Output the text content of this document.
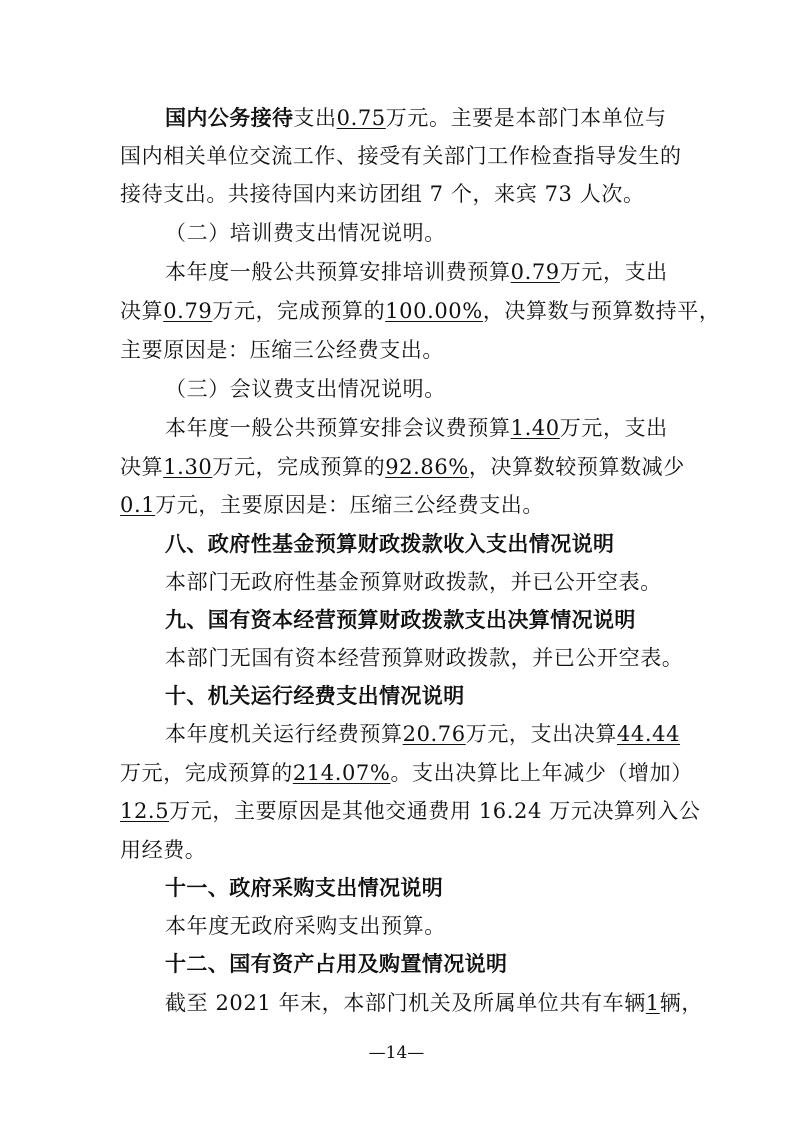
国内公务接待支出0.75万元。主要是本部门本单位与
国内相关单位交流工作、接受有关部门工作检查指导发生的
接待支出。共接待国内来访团组 7 个，来宾 73 人次。
（二）培训费支出情况说明。
本年度一般公共预算安排培训费预算0.79万元，支出
决算0.79万元，完成预算的100.00%，决算数与预算数持平，
主要原因是：压缩三公经费支出。
（三）会议费支出情况说明。
本年度一般公共预算安排会议费预算1.40万元，支出
决算1.30万元，完成预算的92.86%，决算数较预算数减少
0.1万元，主要原因是：压缩三公经费支出。
八、政府性基金预算财政拨款收入支出情况说明
本部门无政府性基金预算财政拨款，并已公开空表。
九、国有资本经营预算财政拨款支出决算情况说明
本部门无国有资本经营预算财政拨款，并已公开空表。
十、机关运行经费支出情况说明
本年度机关运行经费预算20.76万元，支出决算44.44
万元，完成预算的214.07%。支出决算比上年减少（增加）
12.5万元，主要原因是其他交通费用 16.24 万元决算列入公
用经费。
十一、政府采购支出情况说明
本年度无政府采购支出预算。
十二、国有资产占用及购置情况说明
截至 2021 年末，本部门机关及所属单位共有车辆1辆，
—14—
